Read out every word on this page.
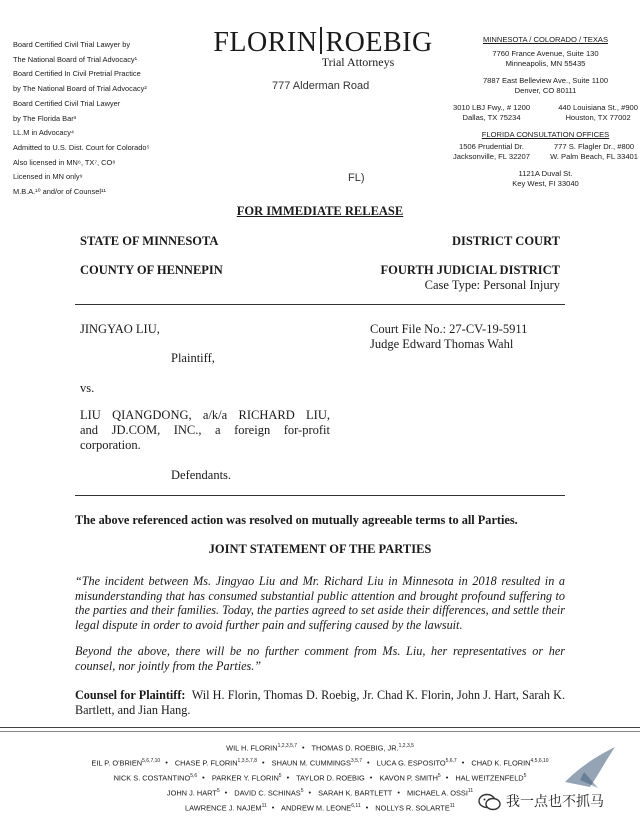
Board Certified Civil Trial Lawyer by
The National Board of Trial Advocacy¹
Board Certified In Civil Pretrial Practice
by The National Board of Trial Advocacy²
Board Certified Civil Trial Lawyer
by The Florida Bar³
LL.M in Advocacy⁴
Admitted to U.S. Dist. Court for Colorado⁵
Also licensed in MN⁶, TX⁷, CO⁸
Licensed in MN only⁹
M.B.A.¹⁰ and/or of Counsel¹¹
FLORIN ROEBIG
Trial Attorneys
MINNESOTA / COLORADO / TEXAS
7760 France Avenue, Suite 130
Minneapolis, MN 55435
7887 East Belleview Ave., Suite 1100
Denver, CO 80111
3010 LBJ Fwy., # 1200
Dallas, TX 75234
440 Louisiana St., #900
Houston, TX 77002
FLORIDA CONSULTATION OFFICES
1506 Prudential Dr.
Jacksonville, FL 32207
777 S. Flagler Dr., #800
W. Palm Beach, FL 33401
1121A Duval St.
Key West, FI 33040
777 Alderman Road
FL)
FOR IMMEDIATE RELEASE
STATE OF MINNESOTA	DISTRICT COURT
COUNTY OF HENNEPIN	FOURTH JUDICIAL DISTRICT
Case Type: Personal Injury
JINGYAO LIU,
Plaintiff,
Court File No.: 27-CV-19-5911
Judge Edward Thomas Wahl
vs.
LIU QIANGDONG, a/k/a RICHARD LIU,
and JD.COM, INC., a foreign for-profit
corporation.
Defendants.
The above referenced action was resolved on mutually agreeable terms to all Parties.
JOINT STATEMENT OF THE PARTIES

“The incident between Ms. Jingyao Liu and Mr. Richard Liu in Minnesota in 2018 resulted in a misunderstanding that has consumed substantial public attention and brought profound suffering to the parties and their families. Today, the parties agreed to set aside their differences, and settle their legal dispute in order to avoid further pain and suffering caused by the lawsuit.

Beyond the above, there will be no further comment from Ms. Liu, her representatives or her counsel, nor jointly from the Parties.”

Counsel for Plaintiff: Wil H. Florin, Thomas D. Roebig, Jr. Chad K. Florin, John J. Hart, Sarah K. Bartlett, and Jian Hang.
WIL H. FLORIN$^{1,2,3,5,7}$ • THOMAS D. ROEBIG, JR.$^{1,2,3,5}$
EIL P. O'BRIEN$^{5,6,7,10}$ • CHASE P. FLORIN$^{1,3,5,7,8}$ • SHAUN M. CUMMINGS$^{3,5,7}$ • LUCA G. ESPOSITO$^{5,6,7}$ • CHAD K. FLORIN$^{4,5,6,10}$
NICK S. COSTANTINO$^{5,6}$ • PARKER Y. FLORIN$^5$ • TAYLOR D. ROEBIG • KAVON P. SMITH$^5$ • HAL WEITZENFELD$^5$
JOHN J. HART$^5$ • DAVID C. SCHINAS$^5$ • SARAH K. BARTLETT • MICHAEL A. OSSI$^{11}$
LAWRENCE J. NAJEM$^{11}$ • ANDREW M. LEONE$^{6,11}$ • NOLLYS R. SOLARTE$^{11}$	我一点也不抓马
